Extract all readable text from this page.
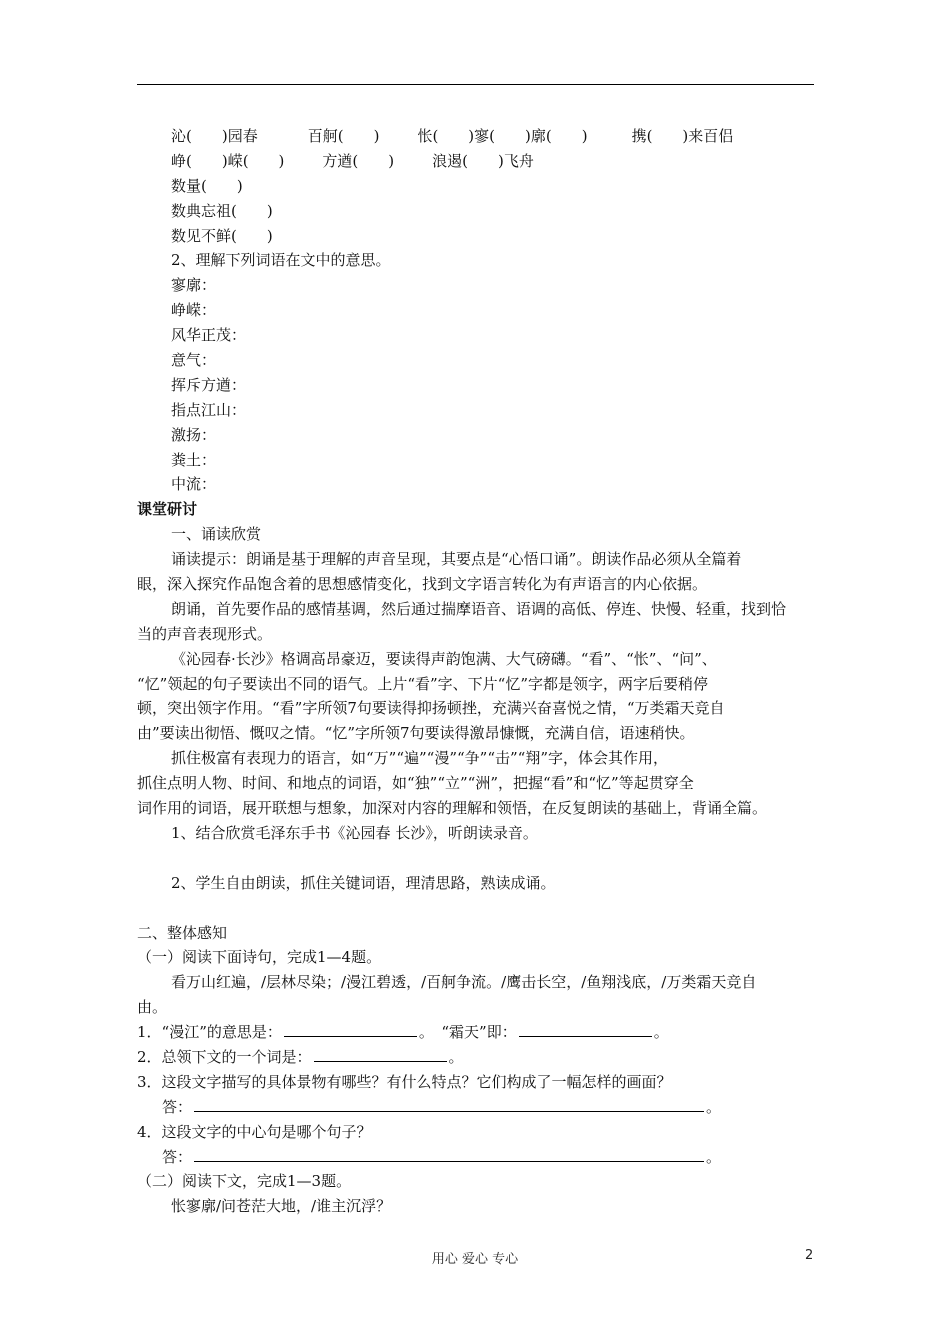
沁(　　)园春	百舸(　　)	怅(　　)寥(　　)廓(　　)	携(　　)来百侣
峥(　　)嵘(　　)	方遒(　　)	浪遏(　　)飞舟
数量(　　)
数典忘祖(　　)
数见不鲜(　　)
2、理解下列词语在文中的意思。
寥廓：
峥嵘：
风华正茂：
意气：
挥斥方遒：
指点江山：
激扬：
粪土：
中流：
课堂研讨
一、诵读欣赏
诵读提示：朗诵是基于理解的声音呈现，其要点是“心悟口诵”。朗读作品必须从全篇着
眼，深入探究作品饱含着的思想感情变化，找到文字语言转化为有声语言的内心依据。
朗诵，首先要作品的感情基调，然后通过揣摩语音、语调的高低、停连、快慢、轻重，找到恰
当的声音表现形式。
《沁园春·长沙》格调高昂豪迈，要读得声韵饱满、大气磅礴。“看”、“怅”、“问”、
“忆”领起的句子要读出不同的语气。上片“看”字、下片“忆”字都是领字，两字后要稍停
顿，突出领字作用。“看”字所领7句要读得抑扬顿挫，充满兴奋喜悦之情，“万类霜天竞自
由”要读出彻悟、慨叹之情。“忆”字所领7句要读得激昂慷慨，充满自信，语速稍快。
抓住极富有表现力的语言，如“万”“遍”“漫”“争”“击”“翔”字，体会其作用，
抓住点明人物、时间、和地点的词语，如“独”“立”“洲”，把握“看”和“忆”等起贯穿全
词作用的词语，展开联想与想象，加深对内容的理解和领悟，在反复朗读的基础上，背诵全篇。
1、结合欣赏毛泽东手书《沁园春 长沙》，听朗读录音。
2、学生自由朗读，抓住关键词语，理清思路，熟读成诵。
二、整体感知
（一）阅读下面诗句，完成1—4题。
看万山红遍，/层林尽染；/漫江碧透，/百舸争流。/鹰击长空，/鱼翔浅底，/万类霜天竞自
由。
1．“漫江”的意思是：	。　“霜天”即：	。
2．总领下文的一个词是：	。
3．这段文字描写的具体景物有哪些？有什么特点？它们构成了一幅怎样的画面？
答：	。
4．这段文字的中心句是哪个句子？
答：	。
（二）阅读下文，完成1—3题。
怅寥廓/问苍茫大地，/谁主沉浮？
用心 爱心 专心	2
